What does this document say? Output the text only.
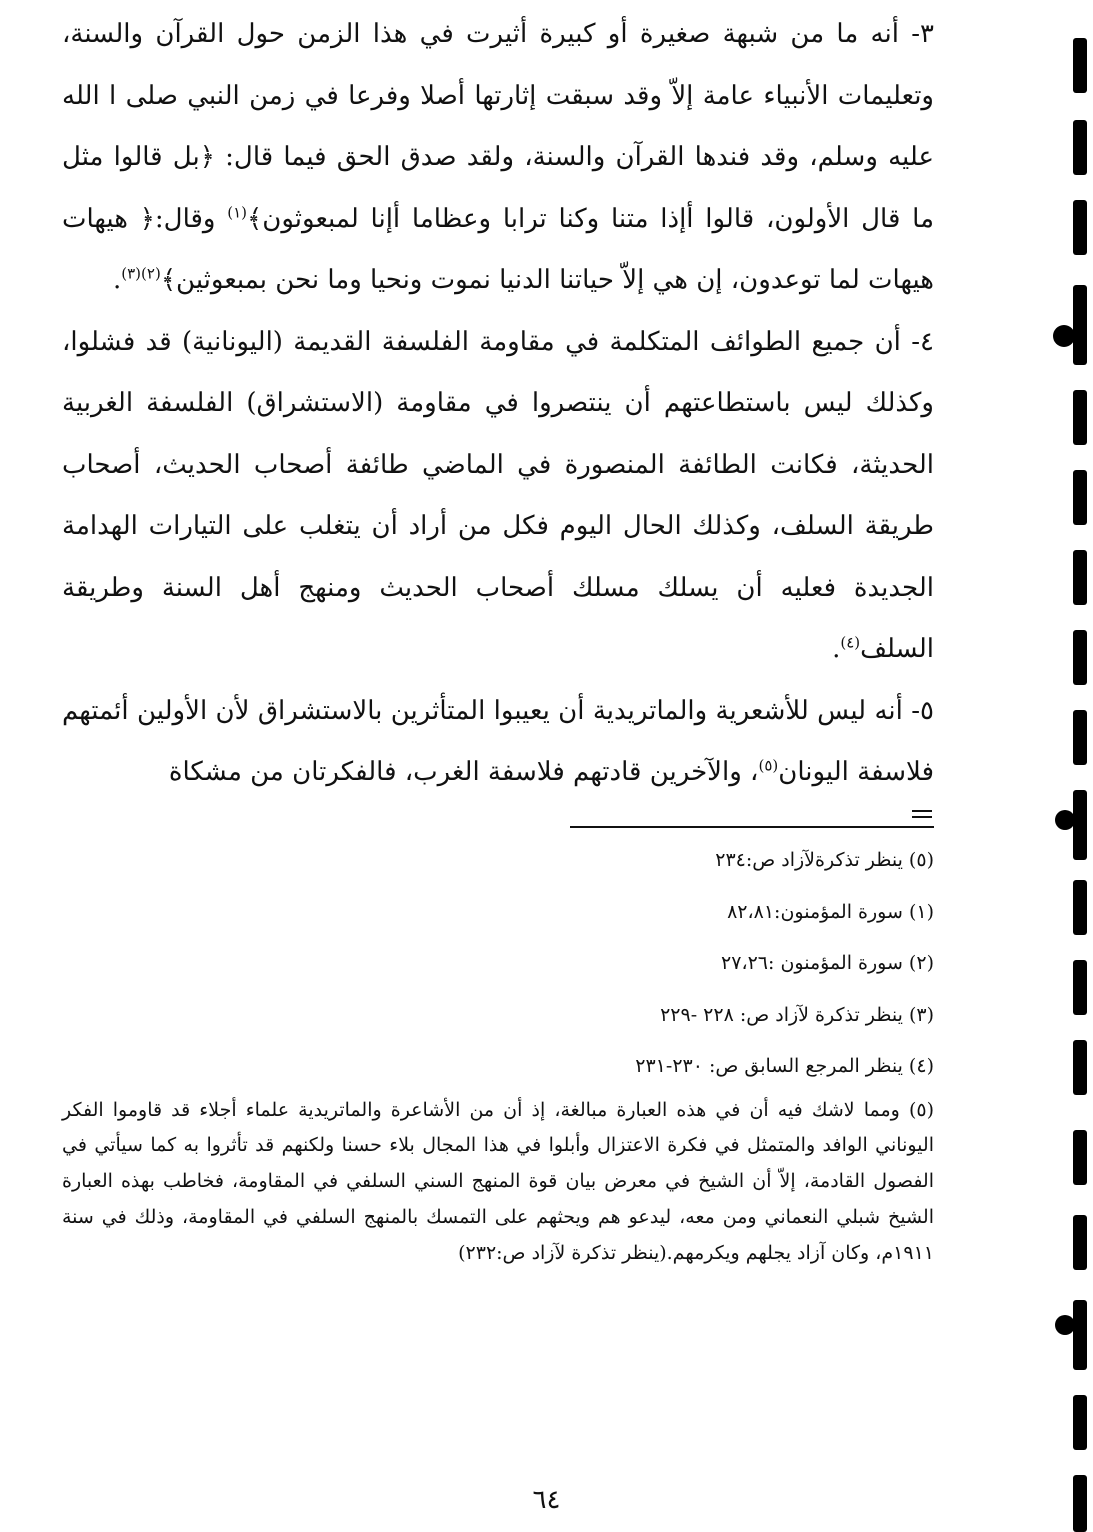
٣- أنه ما من شبهة صغيرة أو كبيرة أثيرت في هذا الزمن حول القرآن والسنة، وتعليمات الأنبياء عامة إلاّ وقد سبقت إثارتها أصلا وفرعا في زمن النبي صلى ا الله عليه وسلم، وقد فندها القرآن والسنة، ولقد صدق الحق فيما قال: ﴿بل قالوا مثل ما قال الأولون، قالوا أإذا متنا وكنا ترابا وعظاما أإنا لمبعوثون﴾$^{(١)}$ وقال:﴿ هيهات هيهات لما توعدون، إن هي إلاّ حياتنا الدنيا نموت ونحيا وما نحن بمبعوثين﴾$^{(٢)(٣)}$.

٤- أن جميع الطوائف المتكلمة في مقاومة الفلسفة القديمة (اليونانية) قد فشلوا، وكذلك ليس باستطاعتهم أن ينتصروا في مقاومة (الاستشراق) الفلسفة الغربية الحديثة، فكانت الطائفة المنصورة في الماضي طائفة أصحاب الحديث، أصحاب طريقة السلف، وكذلك الحال اليوم فكل من أراد أن يتغلب على التيارات الهدامة الجديدة فعليه أن يسلك مسلك أصحاب الحديث ومنهج أهل السنة وطريقة السلف$^{(٤)}$.

٥- أنه ليس للأشعرية والماتريدية أن يعيبوا المتأثرين بالاستشراق لأن الأولين أئمتهم فلاسفة اليونان$^{(٥)}$، والآخرين قادتهم فلاسفة الغرب، فالفكرتان من مشكاة

(٥) ينظر تذكرةلآزاد ص:٢٣٤

(١) سورة المؤمنون:٨٢،٨١

(٢) سورة المؤمنون :٢٧،٢٦

(٣) ينظر تذكرة لآزاد ص: ٢٢٨ -٢٢٩

(٤) ينظر المرجع السابق ص: ٢٣٠-٢٣١

(٥) ومما لاشك فيه أن في هذه العبارة مبالغة، إذ أن من الأشاعرة والماتريدية علماء أجلاء قد قاوموا الفكر اليوناني الوافد والمتمثل في فكرة الاعتزال وأبلوا في هذا المجال بلاء حسنا ولكنهم قد تأثروا به كما سيأتي في الفصول القادمة، إلاّ أن الشيخ في معرض بيان قوة المنهج السني السلفي في المقاومة، فخاطب بهذه العبارة الشيخ شبلي النعماني ومن معه، ليدعو هم ويحثهم على التمسك بالمنهج السلفي في المقاومة، وذلك في سنة ١٩١١م، وكان آزاد يجلهم ويكرمهم.(ينظر تذكرة لآزاد ص:٢٣٢)

٦٤
